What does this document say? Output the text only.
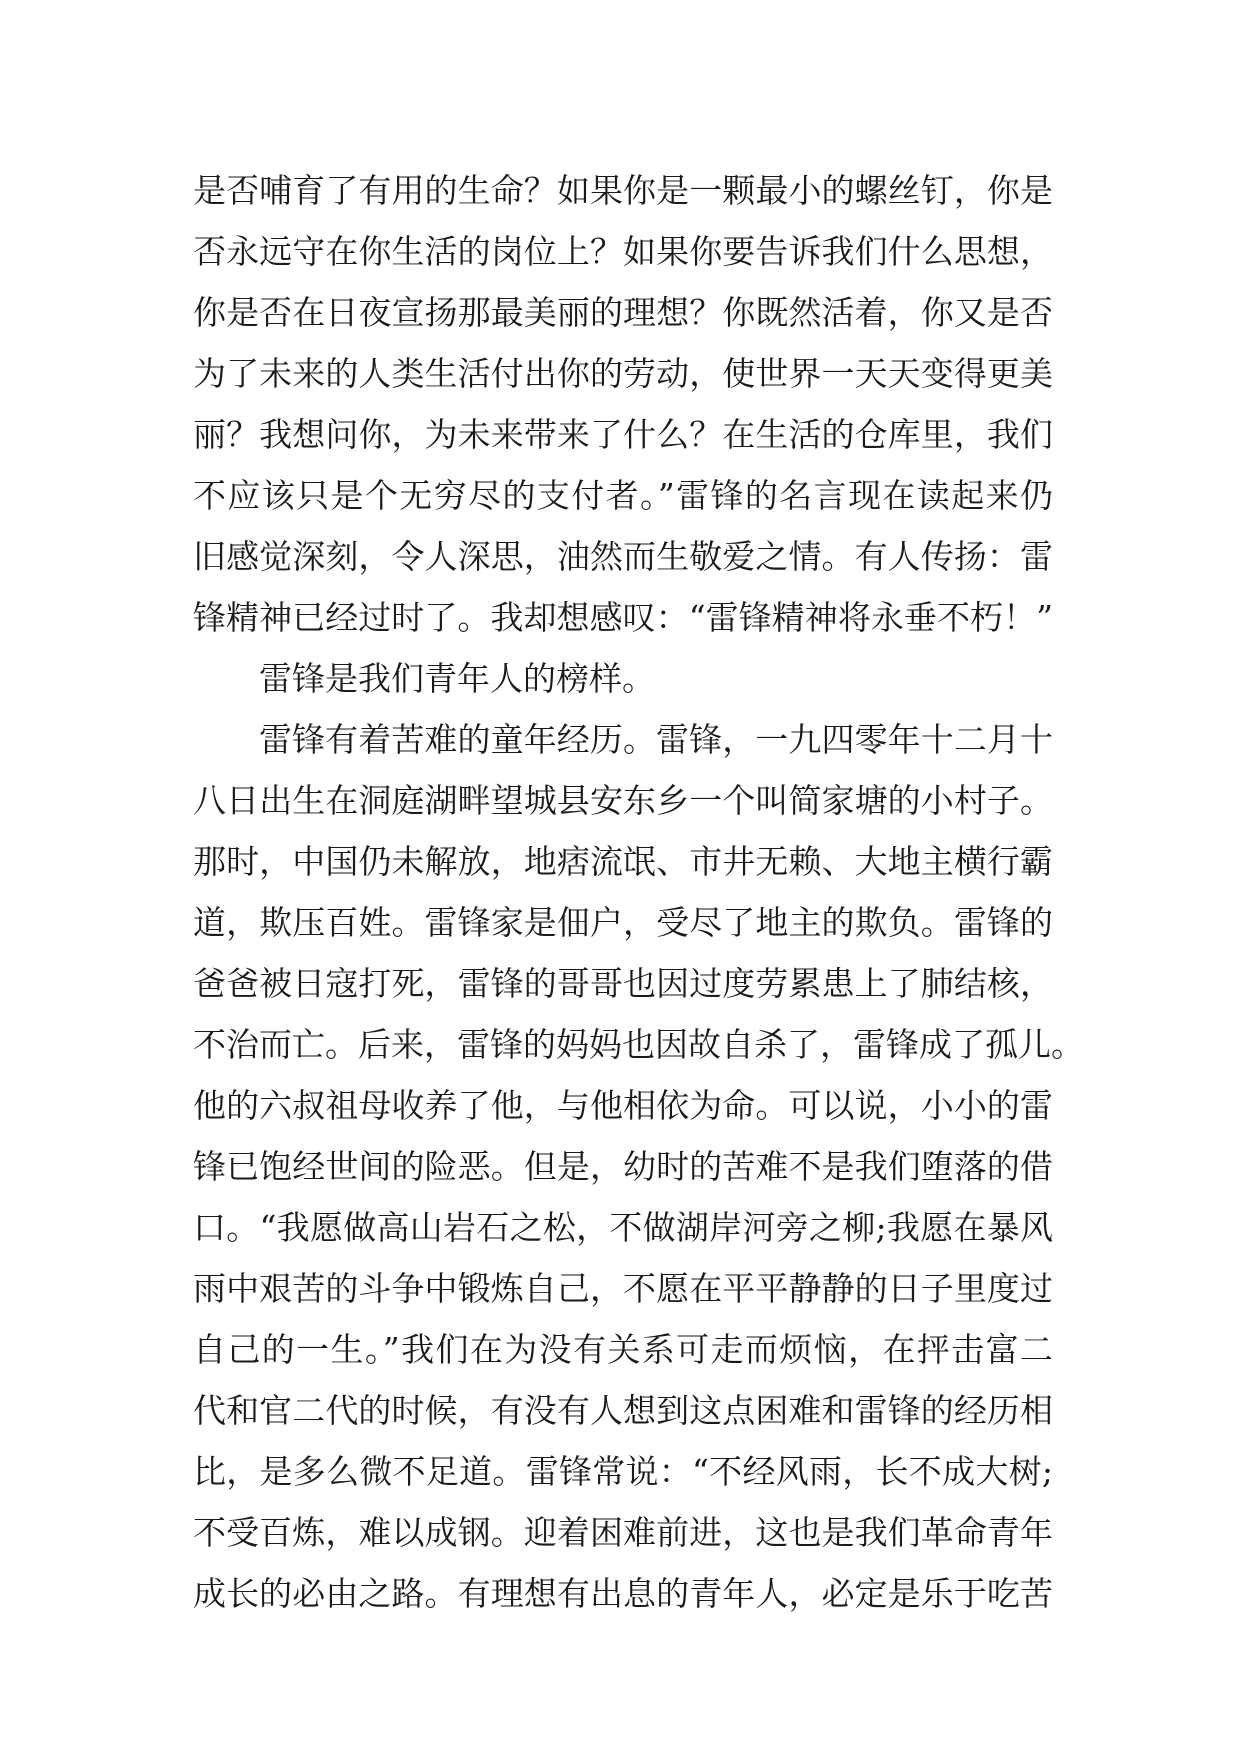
是否哺育了有用的生命？如果你是一颗最小的螺丝钉，你是
否永远守在你生活的岗位上？如果你要告诉我们什么思想，
你是否在日夜宣扬那最美丽的理想？你既然活着，你又是否
为了未来的人类生活付出你的劳动，使世界一天天变得更美
丽？我想问你，为未来带来了什么？在生活的仓库里，我们
不应该只是个无穷尽的支付者。”雷锋的名言现在读起来仍
旧感觉深刻，令人深思，油然而生敬爱之情。有人传扬：雷
锋精神已经过时了。我却想感叹：“雷锋精神将永垂不朽！”
雷锋是我们青年人的榜样。
雷锋有着苦难的童年经历。雷锋，一九四零年十二月十
八日出生在洞庭湖畔望城县安东乡一个叫简家塘的小村子。
那时，中国仍未解放，地痞流氓、市井无赖、大地主横行霸
道，欺压百姓。雷锋家是佃户，受尽了地主的欺负。雷锋的
爸爸被日寇打死，雷锋的哥哥也因过度劳累患上了肺结核，
不治而亡。后来，雷锋的妈妈也因故自杀了，雷锋成了孤儿。
他的六叔祖母收养了他，与他相依为命。可以说，小小的雷
锋已饱经世间的险恶。但是，幼时的苦难不是我们堕落的借
口。“我愿做高山岩石之松，不做湖岸河旁之柳;我愿在暴风
雨中艰苦的斗争中锻炼自己，不愿在平平静静的日子里度过
自己的一生。”我们在为没有关系可走而烦恼，在抨击富二
代和官二代的时候，有没有人想到这点困难和雷锋的经历相
比，是多么微不足道。雷锋常说：“不经风雨，长不成大树;
不受百炼，难以成钢。迎着困难前进，这也是我们革命青年
成长的必由之路。有理想有出息的青年人，必定是乐于吃苦
